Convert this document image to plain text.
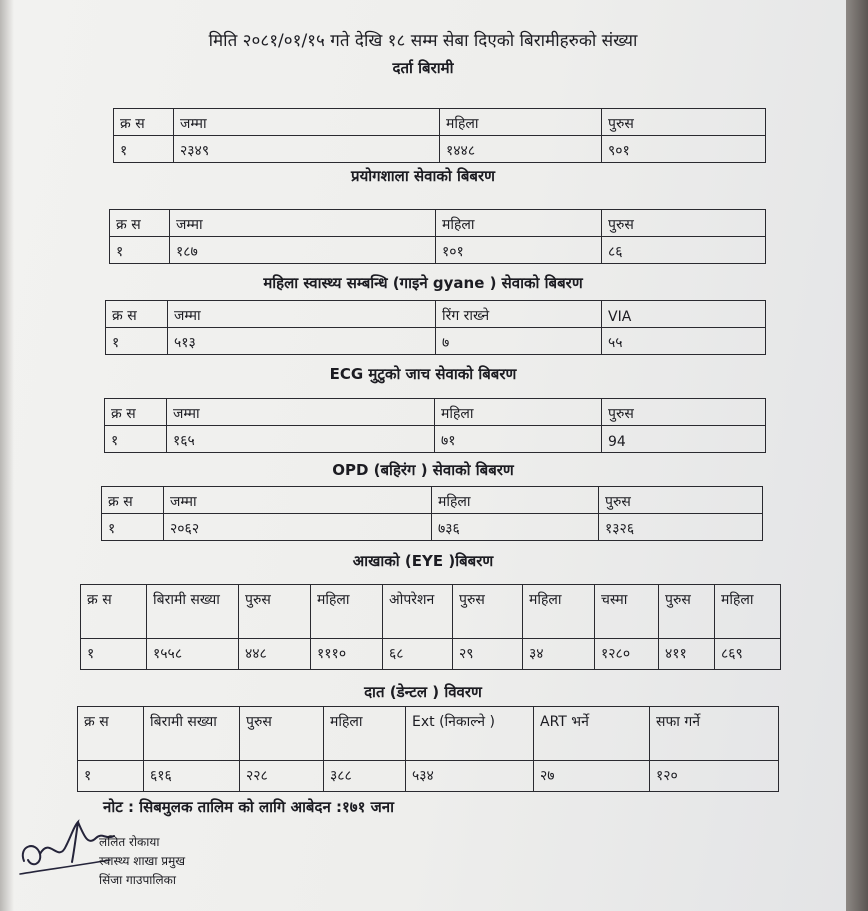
मिति २०८१/०१/१५ गते देखि १८ सम्म सेबा दिएको बिरामीहरुको संख्या
दर्ता बिरामी
क्र स	जम्मा	महिला	पुरुस
१	२३४९	१४४८	९०१
प्रयोगशाला सेवाको बिबरण
क्र स	जम्मा	महिला	पुरुस
१	१८७	१०१	८६
महिला स्वास्थ्य सम्बन्धि (गाइने gyane ) सेवाको बिबरण
क्र स	जम्मा	रिंग राख्ने	VIA
१	५१३	७	५५
ECG मुटुको जाच सेवाको बिबरण
क्र स	जम्मा	महिला	पुरुस
१	१६५	७१	94
OPD (बहिरंग ) सेवाको बिबरण
क्र स	जम्मा	महिला	पुरुस
१	२०६२	७३६	१३२६
आखाको (EYE )बिबरण
क्र स	बिरामी सख्या	पुरुस	महिला	ओपरेशन	पुरुस	महिला	चस्मा	पुरुस	महिला
१	१५५८	४४८	१११०	६८	२९	३४	१२८०	४११	८६९
दात (डेन्टल ) विवरण
क्र स	बिरामी सख्या	पुरुस	महिला	Ext (निकाल्ने )	ART भर्ने	सफा गर्ने
१	६१६	२२८	३८८	५३४	२७	१२०
नोट : सिबमुलक तालिम को लागि आबेदन :१७१ जना
ललित रोकाया
स्वास्थ्य शाखा प्रमुख
सिंजा गाउपालिका
